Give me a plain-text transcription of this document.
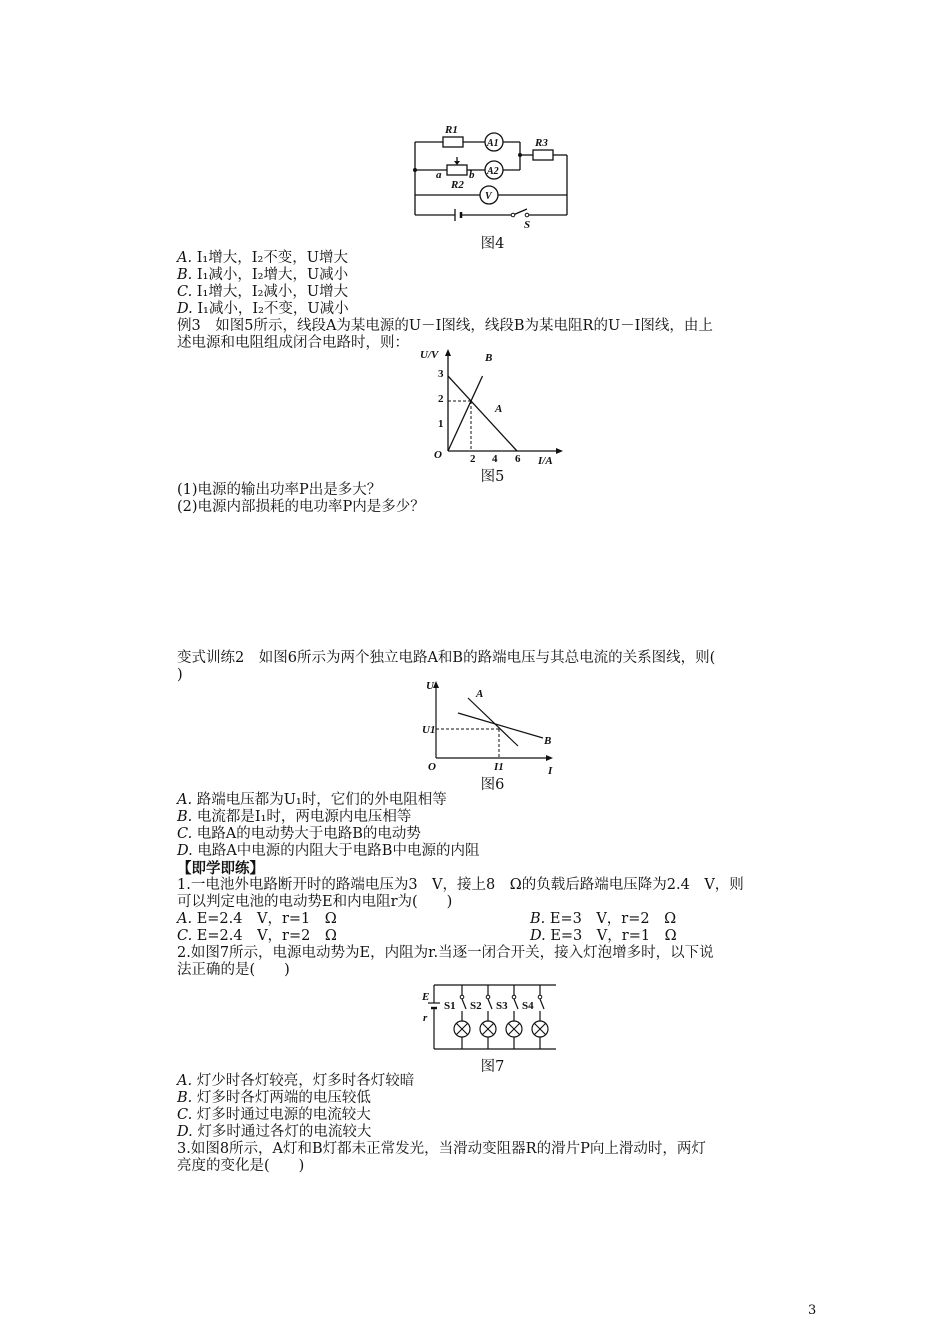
R1
A1	R3
a
R2
b A2
V
S
图4
A. I₁增大，I₂不变，U增大
B. I₁减小，I₂增大，U减小
C. I₁增大，I₂减小，U增大
D. I₁减小，I₂不变，U减小
例3　如图5所示，线段A为某电源的U－I图线，线段B为某电阻R的U－I图线，由上
述电源和电阻组成闭合电路时，则：
U/V
I/A
O
1
2
3
2 4 6
A
B
图5
(1)电源的输出功率P出是多大？
(2)电源内部损耗的电功率P内是多少？
变式训练2　如图6所示为两个独立电路A和B的路端电压与其总电流的关系图线，则(
)
U
I
O
U1
I1
A
B
图6
A. 路端电压都为U₁时，它们的外电阻相等
B. 电流都是I₁时，两电源内电压相等
C. 电路A的电动势大于电路B的电动势
D. 电路A中电源的内阻大于电路B中电源的内阻
【即学即练】
1.一电池外电路断开时的路端电压为3　V，接上8　Ω的负载后路端电压降为2.4　V，则
可以判定电池的电动势E和内电阻r为(　　)
A. E=2.4　V，r=1　Ω	B. E=3　V，r=2　Ω
C. E=2.4　V，r=2　Ω	D. E=3　V，r=1　Ω
2.如图7所示，电源电动势为E，内阻为r.当逐一闭合开关，接入灯泡增多时，以下说
法正确的是(　　)
E
r
S1 S2 S3 S4
图7
A. 灯少时各灯较亮，灯多时各灯较暗
B. 灯多时各灯两端的电压较低
C. 灯多时通过电源的电流较大
D. 灯多时通过各灯的电流较大
3.如图8所示，A灯和B灯都未正常发光，当滑动变阻器R的滑片P向上滑动时，两灯
亮度的变化是(　　)
3
